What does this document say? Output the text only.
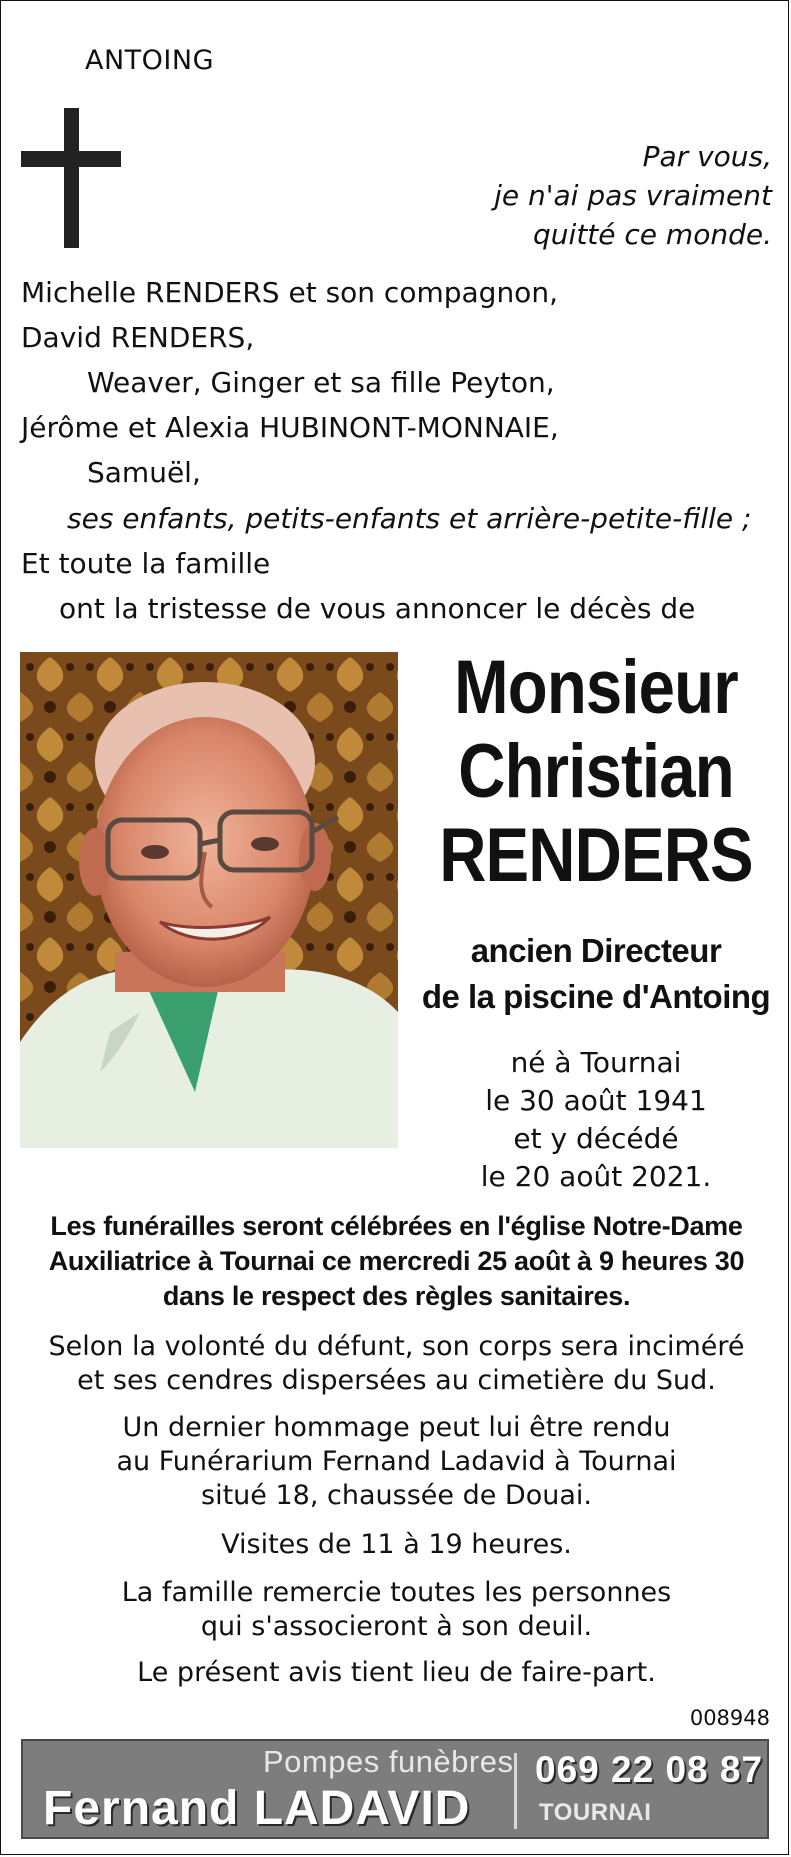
ANTOING
Par vous,
je n'ai pas vraiment
quitté ce monde.
Michelle RENDERS et son compagnon,
David RENDERS,
Weaver, Ginger et sa fille Peyton,
Jérôme et Alexia HUBINONT-MONNAIE,
Samuël,
ses enfants, petits-enfants et arrière-petite-fille ;
Et toute la famille
ont la tristesse de vous annoncer le décès de
Monsieur
Christian
RENDERS
ancien Directeur
de la piscine d'Antoing
né à Tournai
le 30 août 1941
et y décédé
le 20 août 2021.
Les funérailles seront célébrées en l'église Notre-Dame
Auxiliatrice à Tournai ce mercredi 25 août à 9 heures 30
dans le respect des règles sanitaires.
Selon la volonté du défunt, son corps sera inciméré
et ses cendres dispersées au cimetière du Sud.
Un dernier hommage peut lui être rendu
au Funérarium Fernand Ladavid à Tournai
situé 18, chaussée de Douai.
Visites de 11 à 19 heures.
La famille remercie toutes les personnes
qui s'associeront à son deuil.
Le présent avis tient lieu de faire-part.
008948
Pompes funèbres
Fernand LADAVID
069 22 08 87
TOURNAI
